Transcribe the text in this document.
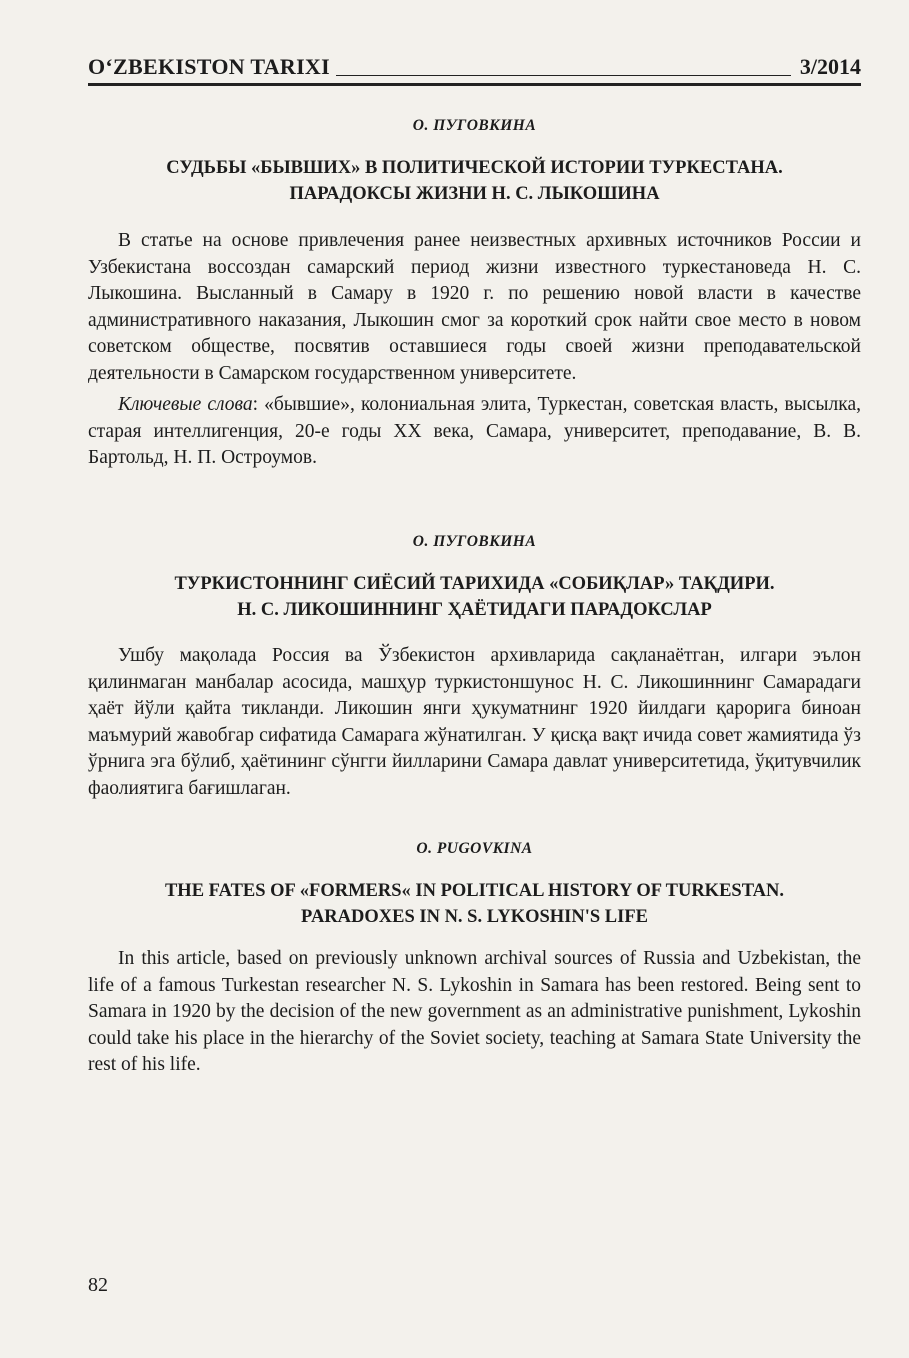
O‘ZBEKISTON TARIXI	3/2014

О. ПУГОВКИНА

СУДЬБЫ «БЫВШИХ» В ПОЛИТИЧЕСКОЙ ИСТОРИИ ТУРКЕСТАНА.
ПАРАДОКСЫ ЖИЗНИ Н. С. ЛЫКОШИНА

В статье на основе привлечения ранее неизвестных архивных источников России и Узбекистана воссоздан самарский период жизни известного туркестановеда Н. С. Лыкошина. Высланный в Самару в 1920 г. по решению новой власти в качестве административного наказания, Лыкошин смог за короткий срок найти свое место в новом советском обществе, посвятив оставшиеся годы своей жизни преподавательской деятельности в Самарском государственном университете.

Ключевые слова: «бывшие», колониальная элита, Туркестан, советская власть, высылка, старая интеллигенция, 20-е годы XX века, Самара, университет, преподавание, В. В. Бартольд, Н. П. Остроумов.

О. ПУГОВКИНА

ТУРКИСТОННИНГ СИЁСИЙ ТАРИХИДА «СОБИҚЛАР» ТАҚДИРИ.
Н. С. ЛИКОШИННИНГ ҲАЁТИДАГИ ПАРАДОКСЛАР

Ушбу мақолада Россия ва Ўзбекистон архивларида сақланаётган, илгари эълон қилинмаган манбалар асосида, машҳур туркистоншунос Н. С. Ликошиннинг Самарадаги ҳаёт йўли қайта тикланди. Ликошин янги ҳукуматнинг 1920 йилдаги қарорига биноан маъмурий жавобгар сифатида Самарага жўнатилган. У қисқа вақт ичида совет жамиятида ўз ўрнига эга бўлиб, ҳаётининг сўнгги йилларини Самара давлат университетида, ўқитувчилик фаолиятига бағишлаган.

O. PUGOVKINA

THE FATES OF «FORMERS« IN POLITICAL HISTORY OF TURKESTAN.
PARADOXES IN N. S. LYKOSHIN'S LIFE

In this article, based on previously unknown archival sources of Russia and Uzbekistan, the life of a famous Turkestan researcher N. S. Lykoshin in Samara has been restored. Being sent to Samara in 1920 by the decision of the new government as an administrative punishment, Lykoshin could take his place in the hierarchy of the Soviet society, teaching at Samara State University the rest of his life.

82
